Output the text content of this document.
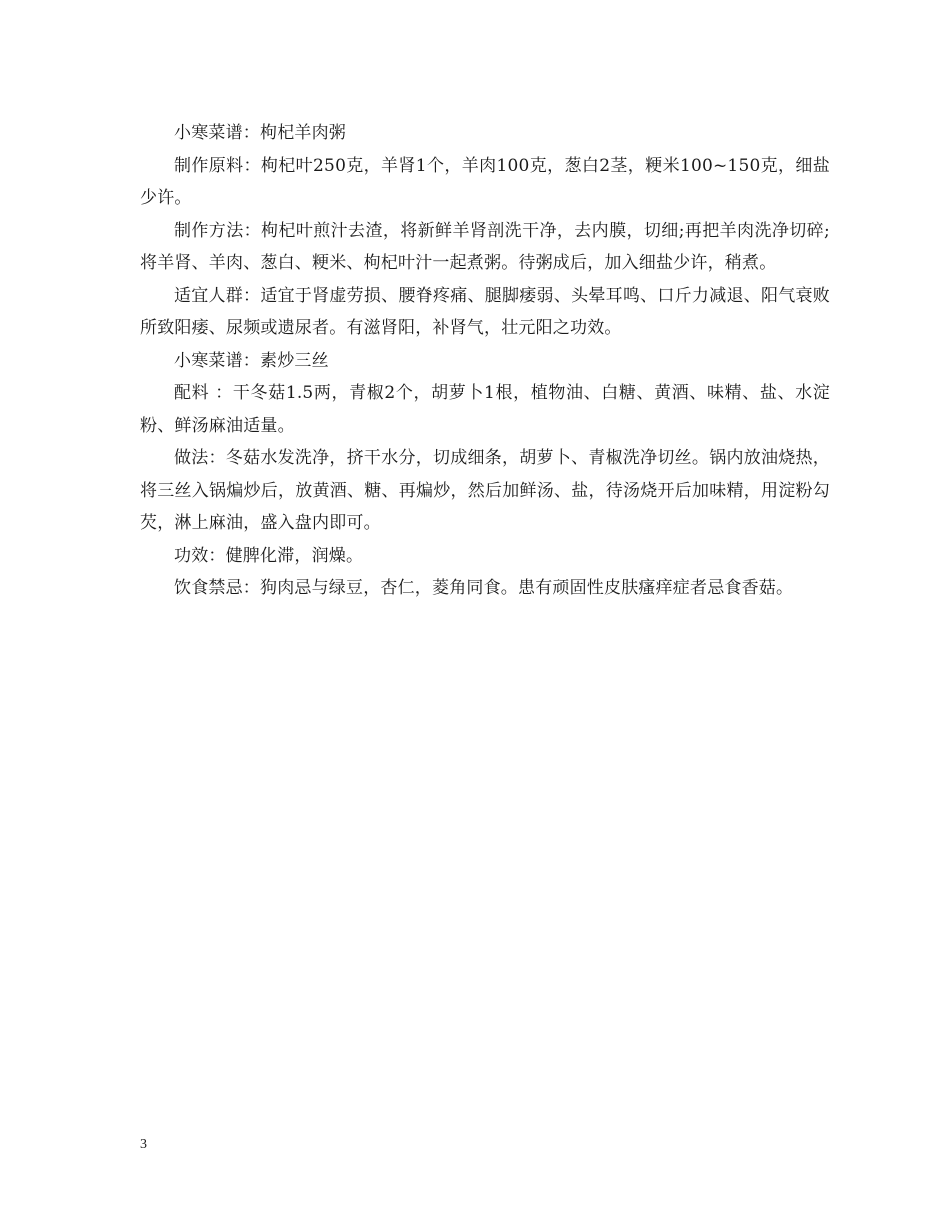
小寒菜谱：枸杞羊肉粥

制作原料：枸杞叶250克，羊肾1个，羊肉100克，葱白2茎，粳米100~150克，细盐少许。

制作方法：枸杞叶煎汁去渣，将新鲜羊肾剖洗干净，去内膜，切细;再把羊肉洗净切碎;将羊肾、羊肉、葱白、粳米、枸杞叶汁一起煮粥。待粥成后，加入细盐少许，稍煮。

适宜人群：适宜于肾虚劳损、腰脊疼痛、腿脚痿弱、头晕耳鸣、口斤力减退、阳气衰败所致阳痿、尿频或遗尿者。有滋肾阳，补肾气，壮元阳之功效。

小寒菜谱：素炒三丝

配料 ：干冬菇1.5两，青椒2个，胡萝卜1根，植物油、白糖、黄酒、味精、盐、水淀粉、鲜汤麻油适量。

做法：冬菇水发洗净，挤干水分，切成细条，胡萝卜、青椒洗净切丝。锅内放油烧热，将三丝入锅煸炒后，放黄酒、糖、再煸炒，然后加鲜汤、盐，待汤烧开后加味精，用淀粉勾芡，淋上麻油，盛入盘内即可。

功效：健脾化滞，润燥。

饮食禁忌：狗肉忌与绿豆，杏仁，菱角同食。患有顽固性皮肤瘙痒症者忌食香菇。

3
